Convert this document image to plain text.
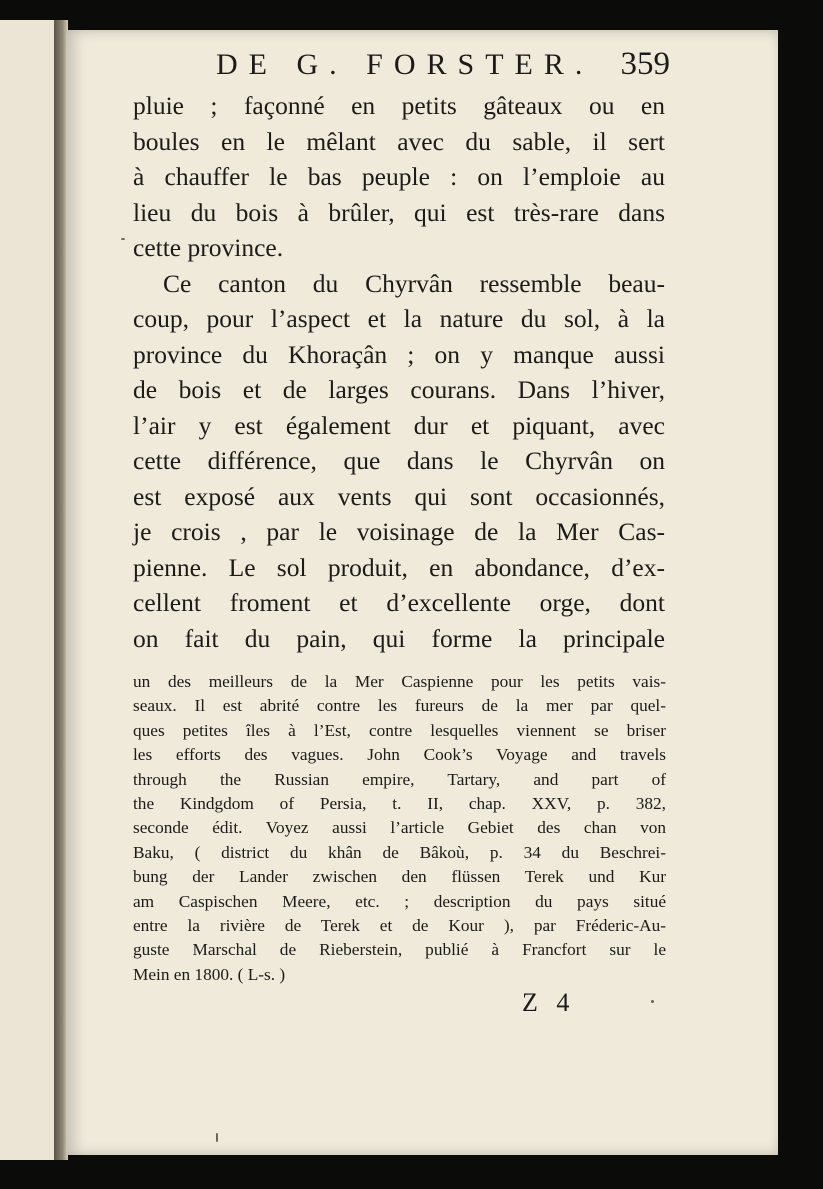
DE G. FORSTER. 359
pluie ; façonné en petits gâteaux ou en
boules en le mêlant avec du sable, il sert
à chauffer le bas peuple : on l’emploie au
lieu du bois à brûler, qui est très-rare dans
cette province.
Ce canton du Chyrvân ressemble beau-
coup, pour l’aspect et la nature du sol, à la
province du Khoraçân ; on y manque aussi
de bois et de larges courans. Dans l’hiver,
l’air y est également dur et piquant, avec
cette différence, que dans le Chyrvân on
est exposé aux vents qui sont occasionnés,
je crois , par le voisinage de la Mer Cas-
pienne. Le sol produit, en abondance, d’ex-
cellent froment et d’excellente orge, dont
on fait du pain, qui forme la principale
un des meilleurs de la Mer Caspienne pour les petits vais-
seaux. Il est abrité contre les fureurs de la mer par quel-
ques petites îles à l’Est, contre lesquelles viennent se briser
les efforts des vagues. John Cook’s Voyage and travels
through the Russian empire, Tartary, and part of
the Kindgdom of Persia, t. II, chap. XXV, p. 382,
seconde édit. Voyez aussi l’article Gebiet des chan von
Baku, ( district du khân de Bâkoù, p. 34 du Beschrei-
bung der Lander zwischen den flüssen Terek und Kur
am Caspischen Meere, etc. ; description du pays situé
entre la rivière de Terek et de Kour ), par Fréderic-Au-
guste Marschal de Rieberstein, publié à Francfort sur le
Mein en 1800. ( L-s. )
Z 4
